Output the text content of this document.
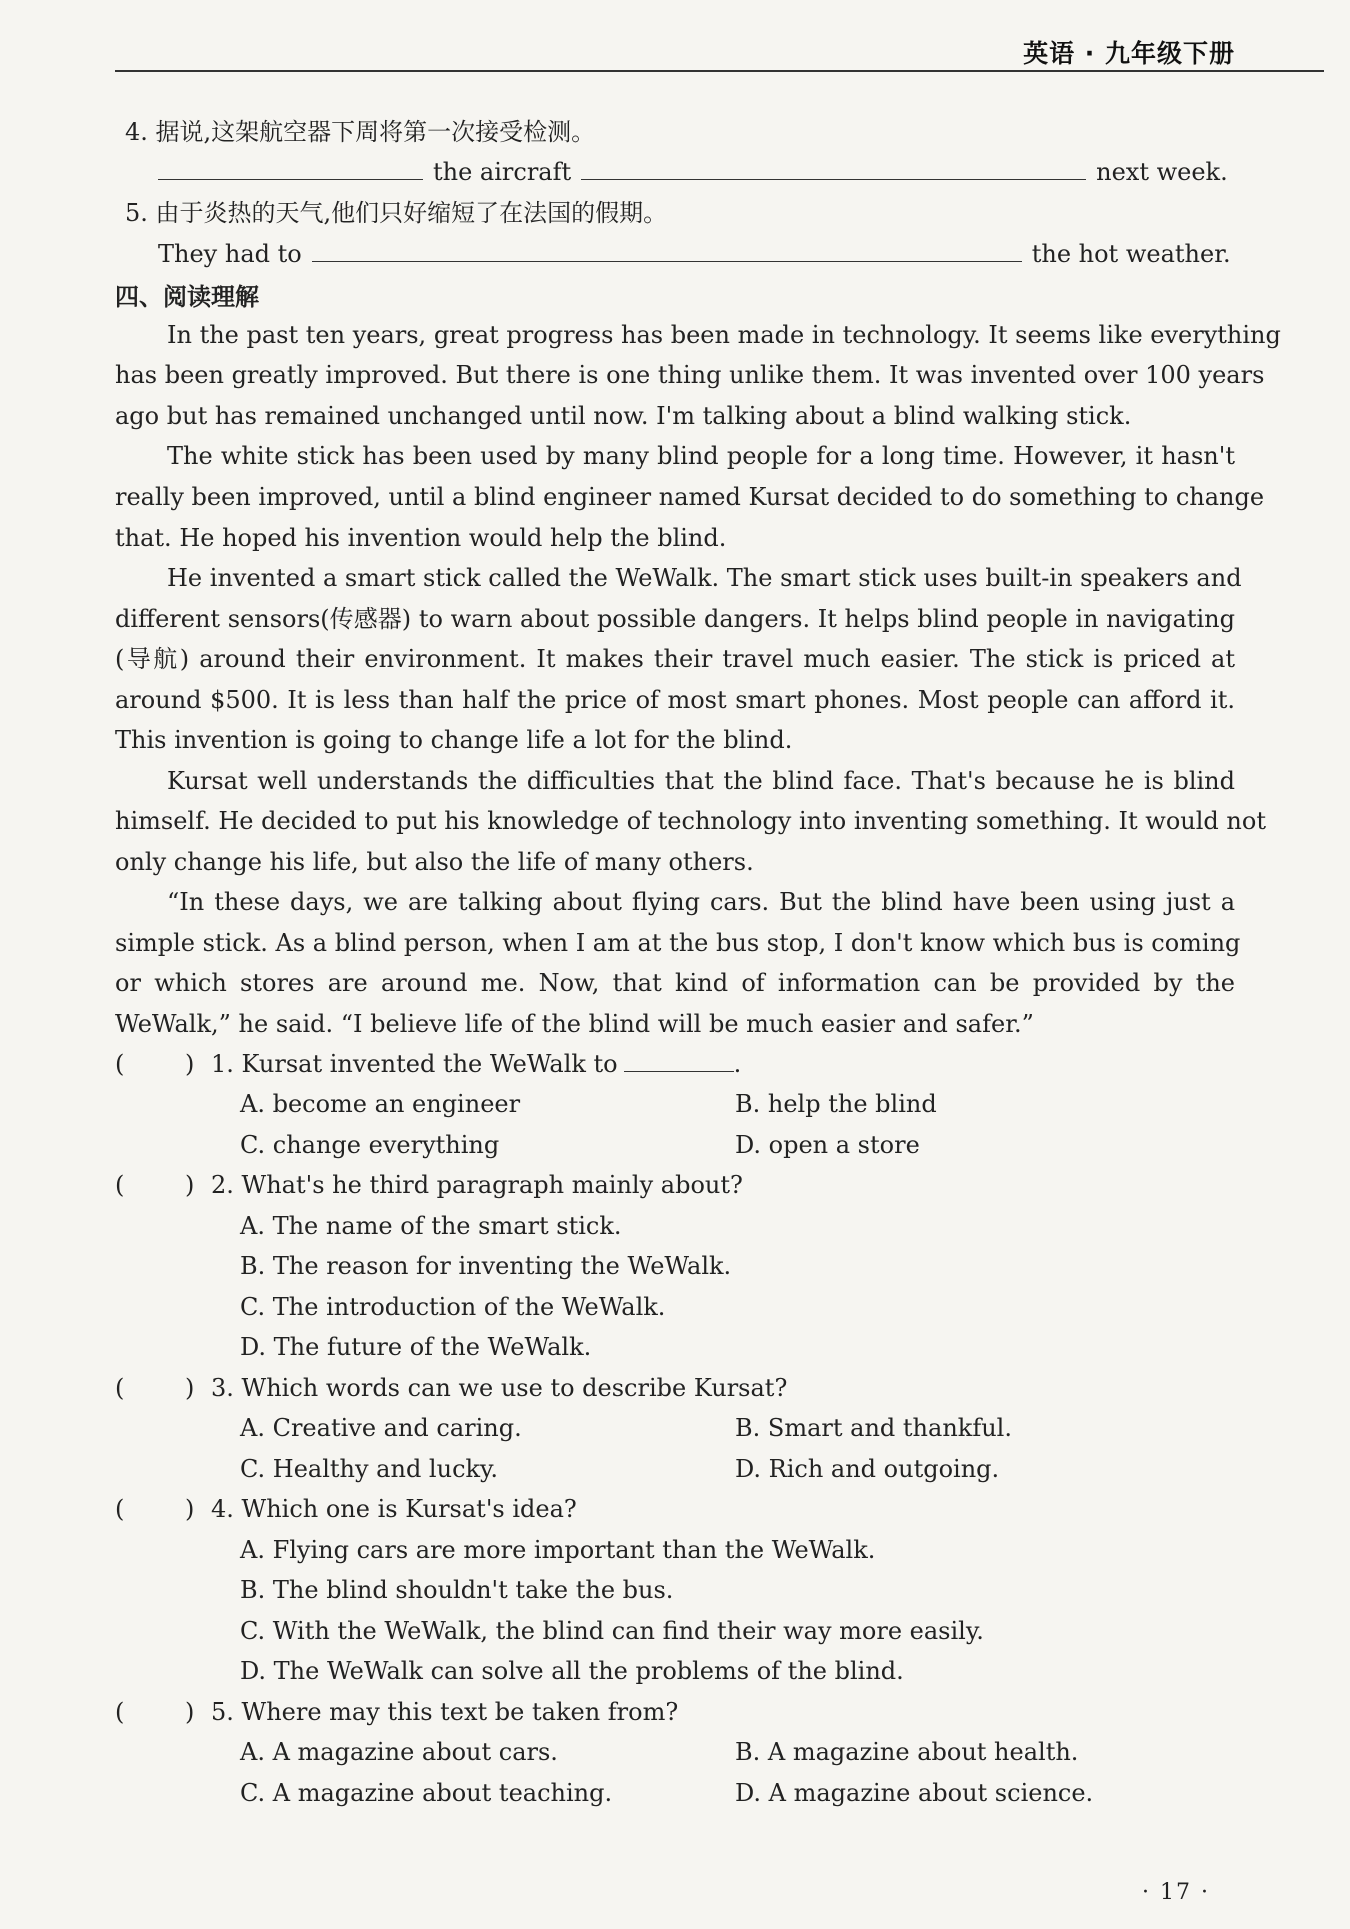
英语 · 九年级下册
4. 据说,这架航空器下周将第一次接受检测。
the aircraft	next week.
5. 由于炎热的天气,他们只好缩短了在法国的假期。
They had to	the hot weather.
四、阅读理解
In the past ten years, great progress has been made in technology. It seems like everything
has been greatly improved. But there is one thing unlike them. It was invented over 100 years
ago but has remained unchanged until now. I'm talking about a blind walking stick.
The white stick has been used by many blind people for a long time. However, it hasn't
really been improved, until a blind engineer named Kursat decided to do something to change
that. He hoped his invention would help the blind.
He invented a smart stick called the WeWalk. The smart stick uses built-in speakers and
different sensors(传感器) to warn about possible dangers. It helps blind people in navigating
(导航) around their environment. It makes their travel much easier. The stick is priced at
around $500. It is less than half the price of most smart phones. Most people can afford it.
This invention is going to change life a lot for the blind.
Kursat well understands the difficulties that the blind face. That's because he is blind
himself. He decided to put his knowledge of technology into inventing something. It would not
only change his life, but also the life of many others.
“In these days, we are talking about flying cars. But the blind have been using just a
simple stick. As a blind person, when I am at the bus stop, I don't know which bus is coming
or which stores are around me. Now, that kind of information can be provided by the
WeWalk,” he said. “I believe life of the blind will be much easier and safer.”
(	) 1. Kursat invented the WeWalk to	.
A. become an engineer	B. help the blind
C. change everything	D. open a store
(	) 2. What's he third paragraph mainly about?
A. The name of the smart stick.
B. The reason for inventing the WeWalk.
C. The introduction of the WeWalk.
D. The future of the WeWalk.
(	) 3. Which words can we use to describe Kursat?
A. Creative and caring.	B. Smart and thankful.
C. Healthy and lucky.	D. Rich and outgoing.
(	) 4. Which one is Kursat's idea?
A. Flying cars are more important than the WeWalk.
B. The blind shouldn't take the bus.
C. With the WeWalk, the blind can find their way more easily.
D. The WeWalk can solve all the problems of the blind.
(	) 5. Where may this text be taken from?
A. A magazine about cars.	B. A magazine about health.
C. A magazine about teaching.	D. A magazine about science.
· 17 ·
